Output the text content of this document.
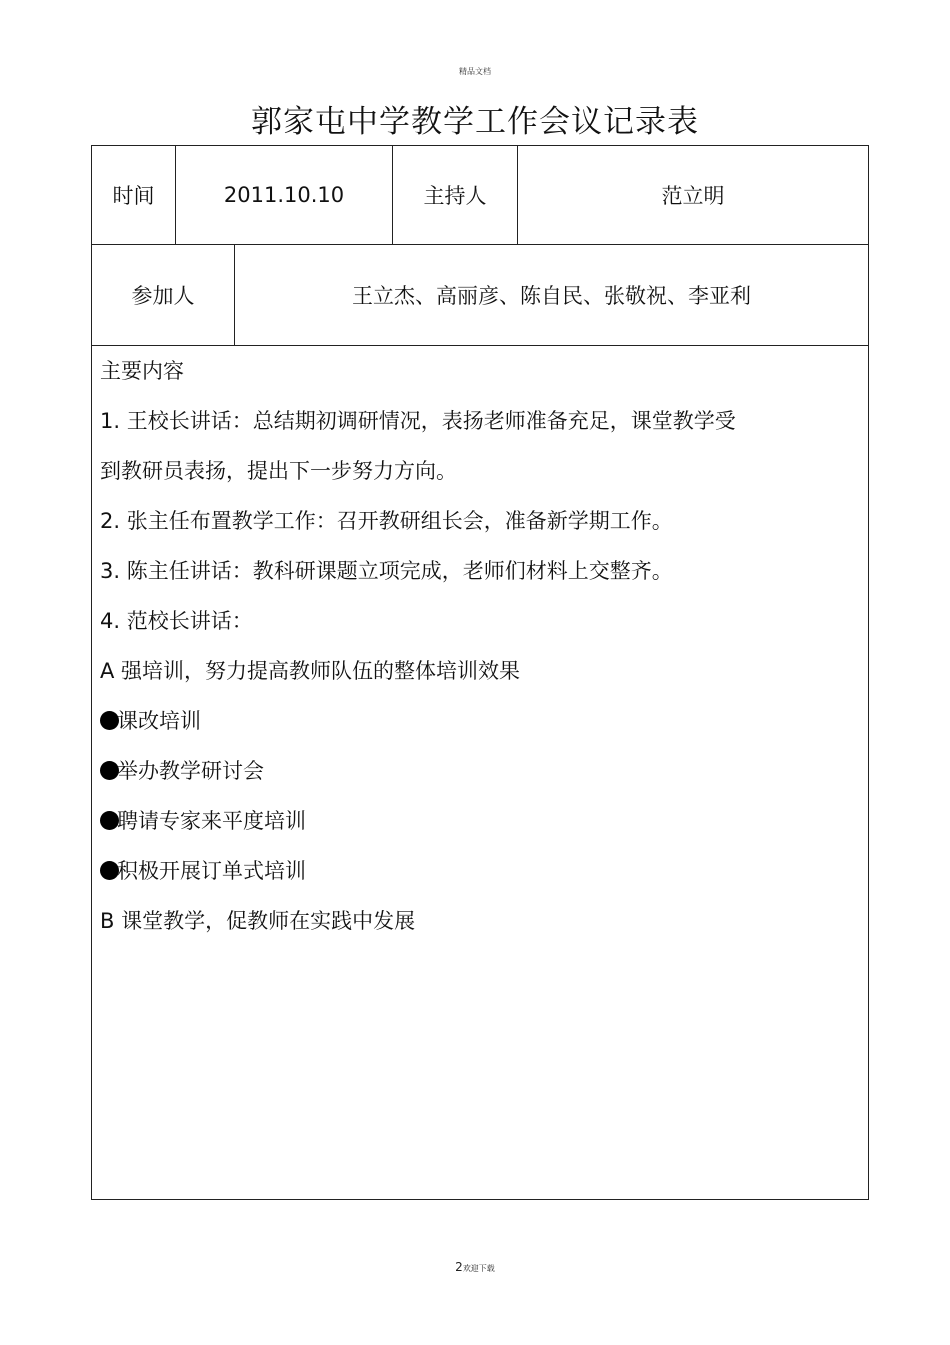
精品文档
郭家屯中学教学工作会议记录表
时间	2011.10.10	主持人	范立明
参加人	王立杰、高丽彦、陈自民、张敬祝、李亚利
主要内容
1. 王校长讲话：总结期初调研情况，表扬老师准备充足，课堂教学受
到教研员表扬，提出下一步努力方向。
2. 张主任布置教学工作：召开教研组长会，准备新学期工作。
3. 陈主任讲话：教科研课题立项完成，老师们材料上交整齐。
4. 范校长讲话：
A 强培训，努力提高教师队伍的整体培训效果
课改培训
举办教学研讨会
聘请专家来平度培训
积极开展订单式培训
B 课堂教学，促教师在实践中发展
2欢迎下载
